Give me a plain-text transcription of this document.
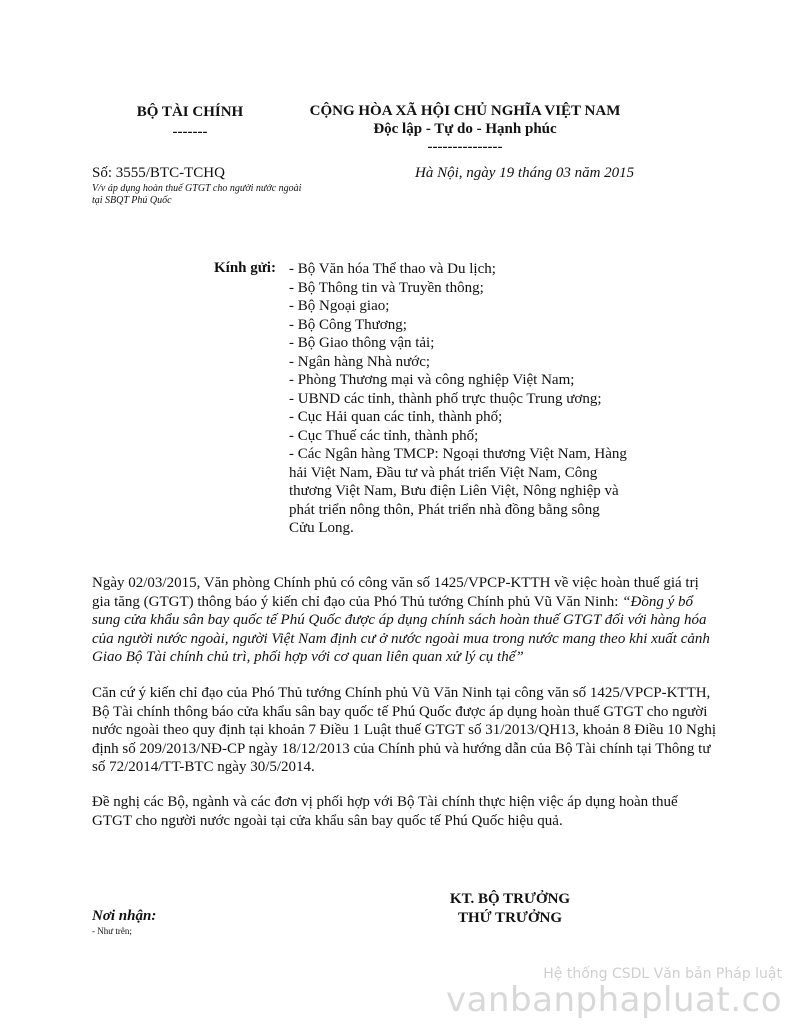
BỘ TÀI CHÍNH
-------
CỘNG HÒA XÃ HỘI CHỦ NGHĨA VIỆT NAM
Độc lập - Tự do - Hạnh phúc
---------------
Số: 3555/BTC-TCHQ
V/v áp dụng hoàn thuế GTGT cho người nước ngoài tại SBQT Phú Quốc
Hà Nội, ngày 19 tháng 03 năm 2015
Kính gửi: - Bộ Văn hóa Thể thao và Du lịch;
- Bộ Thông tin và Truyền thông;
- Bộ Ngoại giao;
- Bộ Công Thương;
- Bộ Giao thông vận tải;
- Ngân hàng Nhà nước;
- Phòng Thương mại và công nghiệp Việt Nam;
- UBND các tỉnh, thành phố trực thuộc Trung ương;
- Cục Hải quan các tỉnh, thành phố;
- Cục Thuế các tỉnh, thành phố;
- Các Ngân hàng TMCP: Ngoại thương Việt Nam, Hàng hải Việt Nam, Đầu tư và phát triển Việt Nam, Công thương Việt Nam, Bưu điện Liên Việt, Nông nghiệp và phát triển nông thôn, Phát triển nhà đồng bằng sông Cửu Long.

Ngày 02/03/2015, Văn phòng Chính phủ có công văn số 1425/VPCP-KTTH về việc hoàn thuế giá trị gia tăng (GTGT) thông báo ý kiến chỉ đạo của Phó Thủ tướng Chính phủ Vũ Văn Ninh: “Đồng ý bổ sung cửa khẩu sân bay quốc tế Phú Quốc được áp dụng chính sách hoàn thuế GTGT đối với hàng hóa của người nước ngoài, người Việt Nam định cư ở nước ngoài mua trong nước mang theo khi xuất cảnh Giao Bộ Tài chính chủ trì, phối hợp với cơ quan liên quan xử lý cụ thể”

Căn cứ ý kiến chỉ đạo của Phó Thủ tướng Chính phủ Vũ Văn Ninh tại công văn số 1425/VPCP-KTTH, Bộ Tài chính thông báo cửa khẩu sân bay quốc tế Phú Quốc được áp dụng hoàn thuế GTGT cho người nước ngoài theo quy định tại khoản 7 Điều 1 Luật thuế GTGT số 31/2013/QH13, khoản 8 Điều 10 Nghị định số 209/2013/NĐ-CP ngày 18/12/2013 của Chính phủ và hướng dẫn của Bộ Tài chính tại Thông tư số 72/2014/TT-BTC ngày 30/5/2014.

Đề nghị các Bộ, ngành và các đơn vị phối hợp với Bộ Tài chính thực hiện việc áp dụng hoàn thuế GTGT cho người nước ngoài tại cửa khẩu sân bay quốc tế Phú Quốc hiệu quả.

KT. BỘ TRƯỞNG
THỨ TRƯỞNG
Nơi nhận:
- Như trên;
Hệ thống CSDL Văn bản Pháp luật
vanbanphapluat.co
